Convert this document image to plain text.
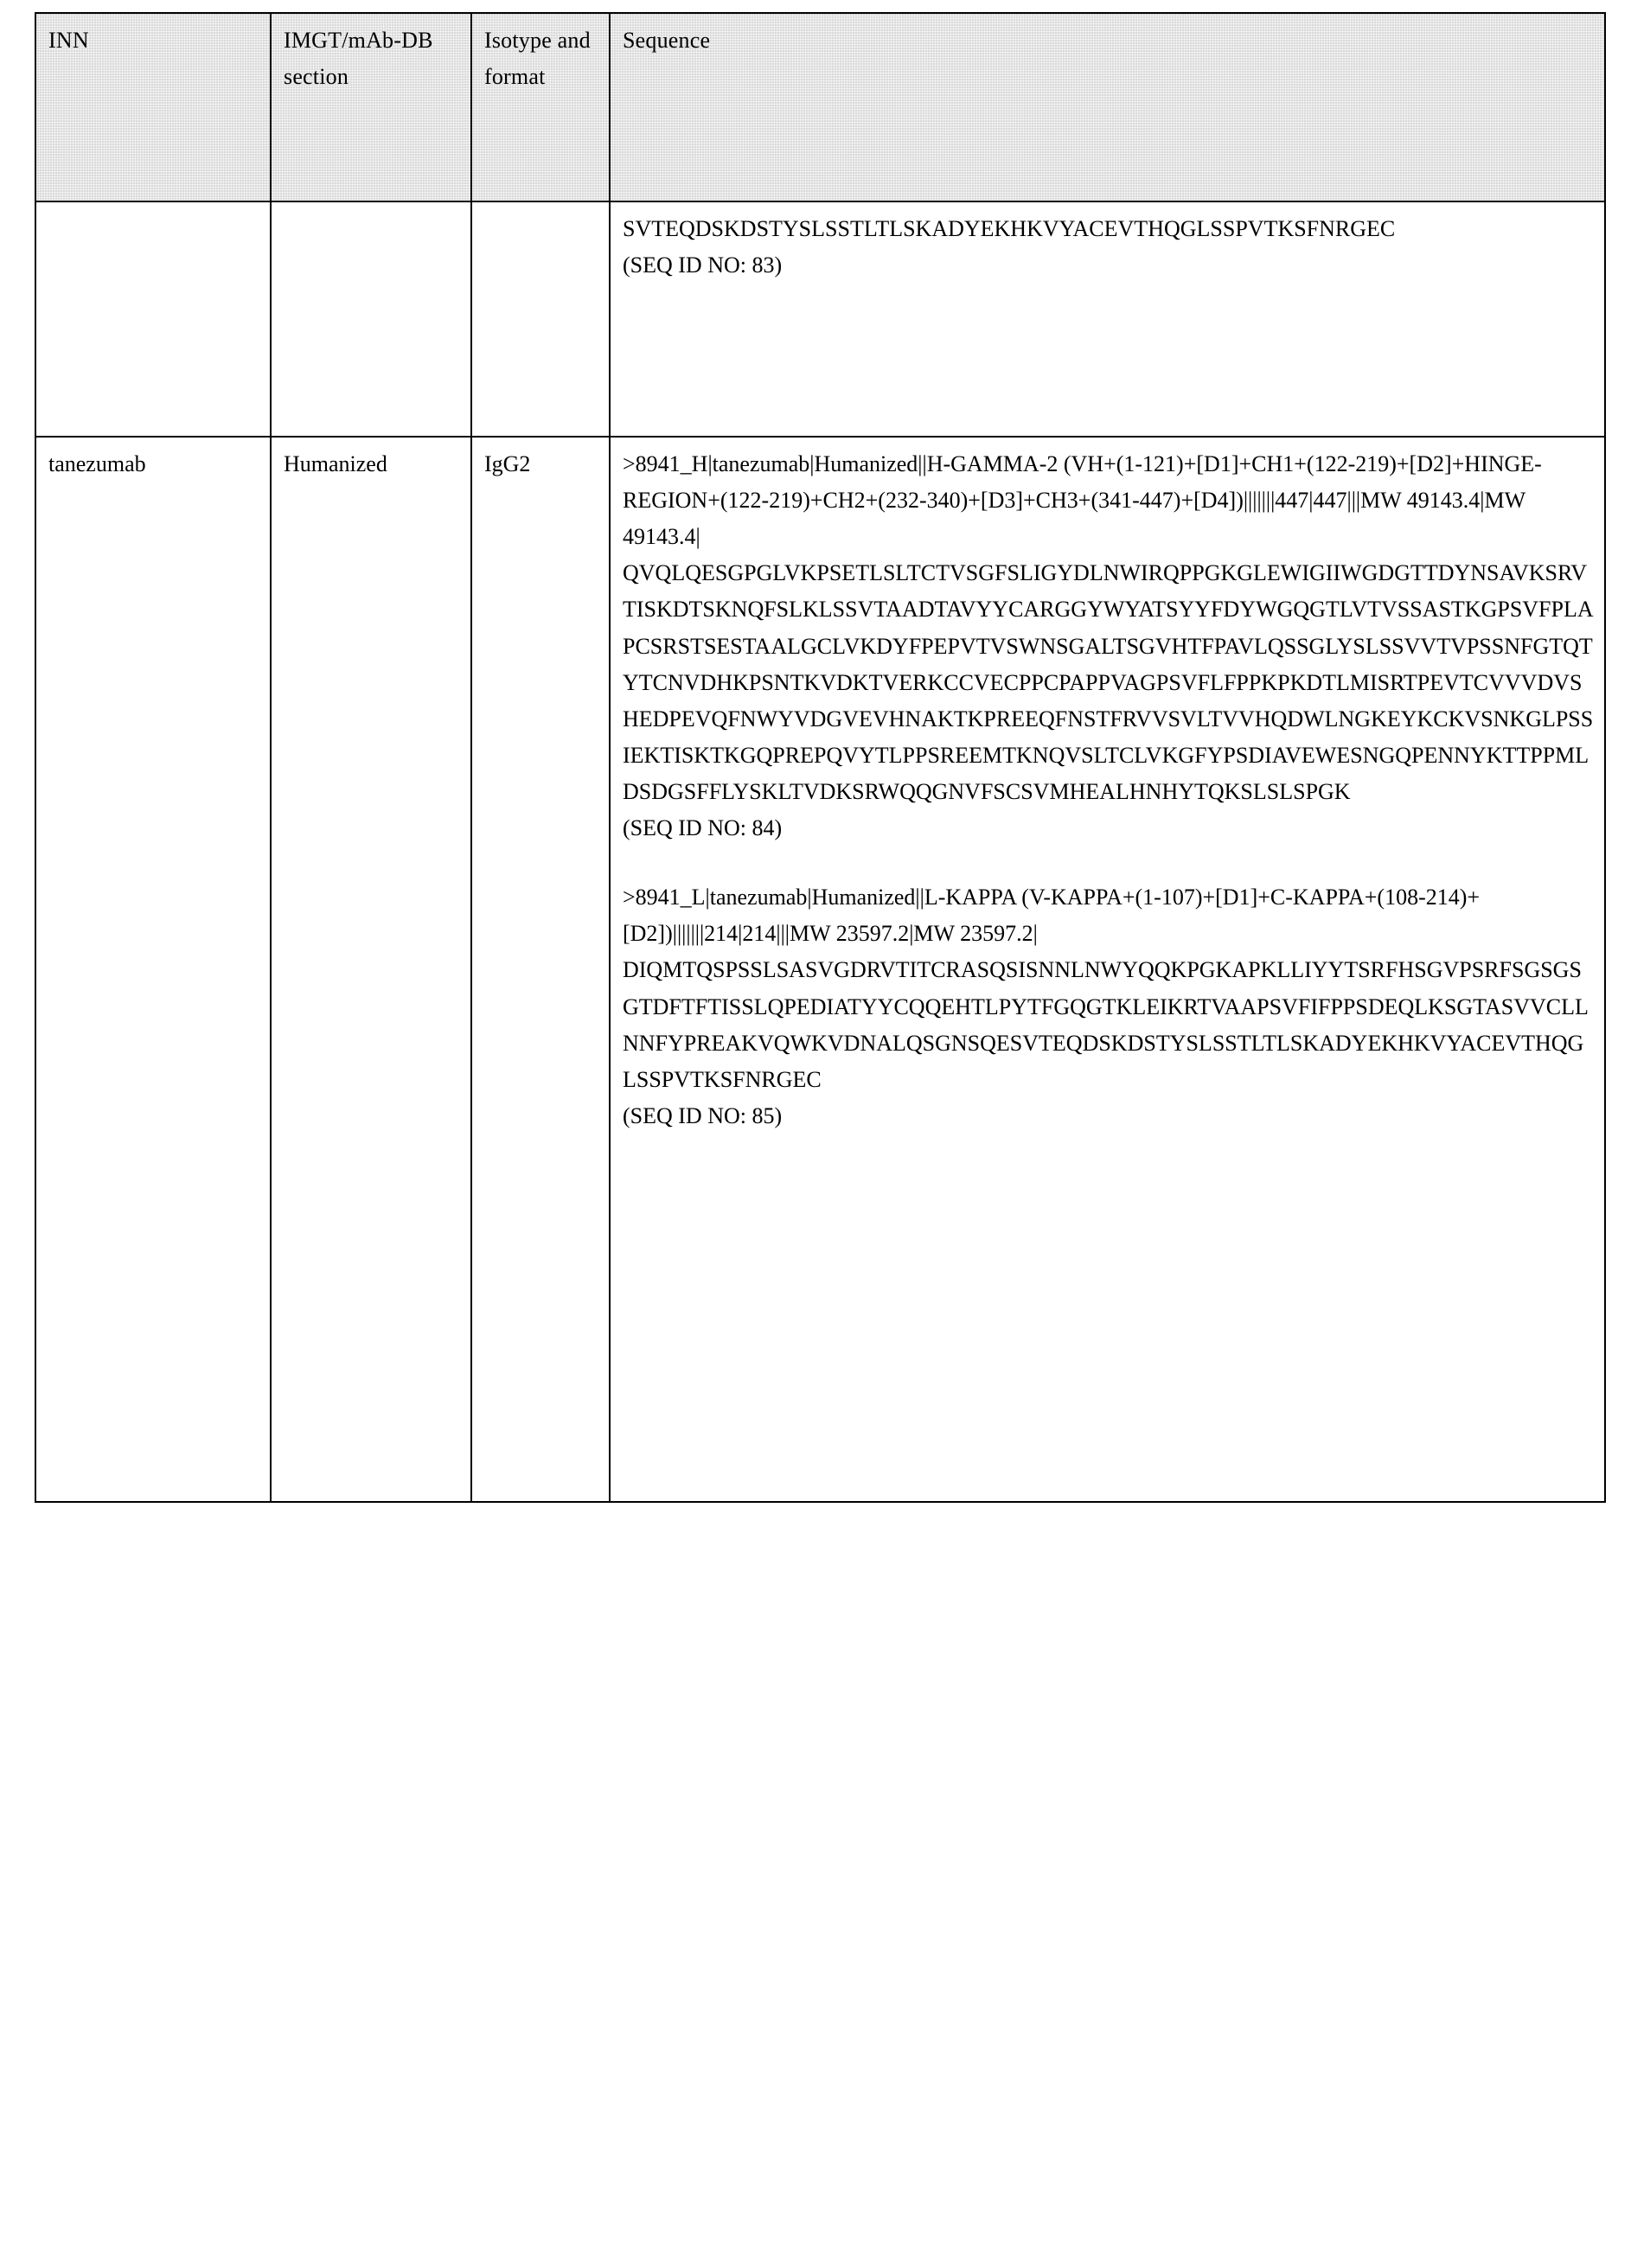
INN	IMGT/mAb-DB section	Isotype and format	Sequence

			SVTEQDSKDSTYSLSSTLTLSKADYEKHKVYACEVTHQGLSSPVTKSFNRGEC
(SEQ ID NO: 83)

tanezumab	Humanized	IgG2	>8941_H|tanezumab|Humanized||H-GAMMA-2 (VH+(1-121)+[D1]+CH1+(122-219)+[D2]+HINGE-REGION+(122-219)+CH2+(232-340)+[D3]+CH3+(341-447)+[D4])|||||||447|447|||MW 49143.4|MW 49143.4|
QVQLQESGPGLVKPSETLSLTCTVSGFSLIGYDLNWIRQPPGKGLEWIGIIWGDGTTDYNSAVKSRVTISKDTSKNQFSLKLSSVTAADTAVYYCARGGYWYATSYYFDYWGQGTLVTVSSASTKGPSVFPLAPCSRSTSESTAALGCLVKDYFPEPVTVSWNSGALTSGVHTFPAVLQSSGLYSLSSVVTVPSSNFGTQTYTCNVDHKPSNTKVDKTVERKCCVECPPCPAPPVAGPSVFLFPPKPKDTLMISRTPEVTCVVVDVSHEDPEVQFNWYVDGVEVHNAKTKPREEQFNSTFRVVSVLTVVHQDWLNGKEYKCKVSNKGLPSSIEKTISKTKGQPREPQVYTLPPSREEMTKNQVSLTCLVKGFYPSDIAVEWESNGQPENNYKTTPPMLDSDGSFFLYSKLTVDKSRWQQGNVFSCSVMHEALHNHYTQKSLSLSPGK
(SEQ ID NO: 84)
>8941_L|tanezumab|Humanized||L-KAPPA (V-KAPPA+(1-107)+[D1]+C-KAPPA+(108-214)+[D2])|||||||214|214|||MW 23597.2|MW 23597.2|
DIQMTQSPSSLSASVGDRVTITCRASQSISNNLNWYQQKPGKAPKLLIYYTSRFHSGVPSRFSGSGSGTDFTFTISSLQPEDIATYYCQQEHTLPYTFGQGTKLEIKRTVAAPSVFIFPPSDEQLKSGTASVVCLLNNFYPREAKVQWKVDNALQSGNSQESVTEQDSKDSTYSLSSTLTLSKADYEKHKVYACEVTHQGLSSPVTKSFNRGEC
(SEQ ID NO: 85)
